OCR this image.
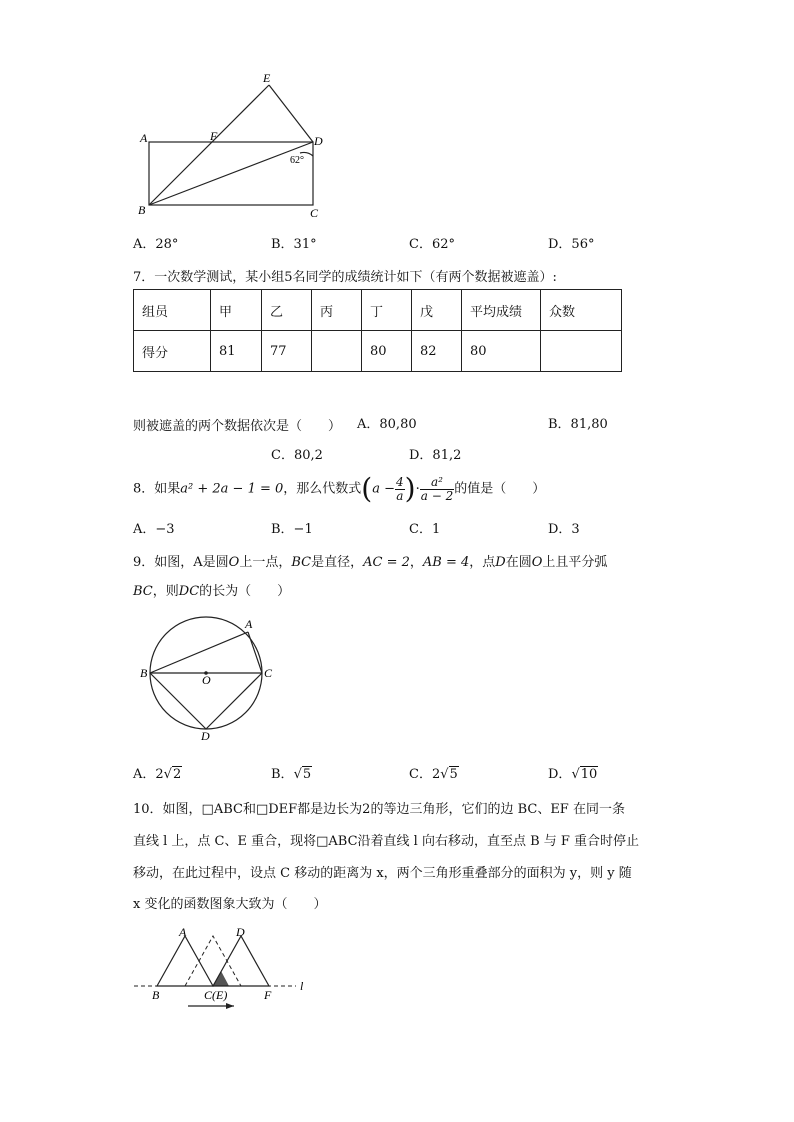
E
A	F	D
B	C
62°
A．28°	B．31°	C．62°	D．56°
7．一次数学测试，某小组5名同学的成绩统计如下（有两个数据被遮盖）:
组员	甲	乙	丙	丁	戊	平均成绩	众数
得分	81	77		80	82	80	
则被遮盖的两个数据依次是（　　） A．80,80	B．81,80
C．80,2	D．81,2
8．如果a² + 2a − 1 = 0，那么代数式($a - \frac{4}{a}$ )· $\frac{\text{a²}}{a - 2}$ 的值是（　　）
A．−3	B．−1	C．1	D．3
9．如图，A是圆O上一点，BC是直径，AC = 2，AB = 4，点D在圆O上且平分弧
BC，则DC的长为（　　）
A
B	O	C
D
A．2√2	B．√5	C．2√5	D．√10
10．如图，□ABC和□DEF都是边长为2的等边三角形，它们的边 BC、EF 在同一条
直线 l 上，点 C、E 重合，现将□ABC沿着直线 l 向右移动，直至点 B 与 F 重合时停止
移动，在此过程中，设点 C 移动的距离为 x，两个三角形重叠部分的面积为 y，则 y 随
x 变化的函数图象大致为（　　）
A	D
B	C(E)	F
l
